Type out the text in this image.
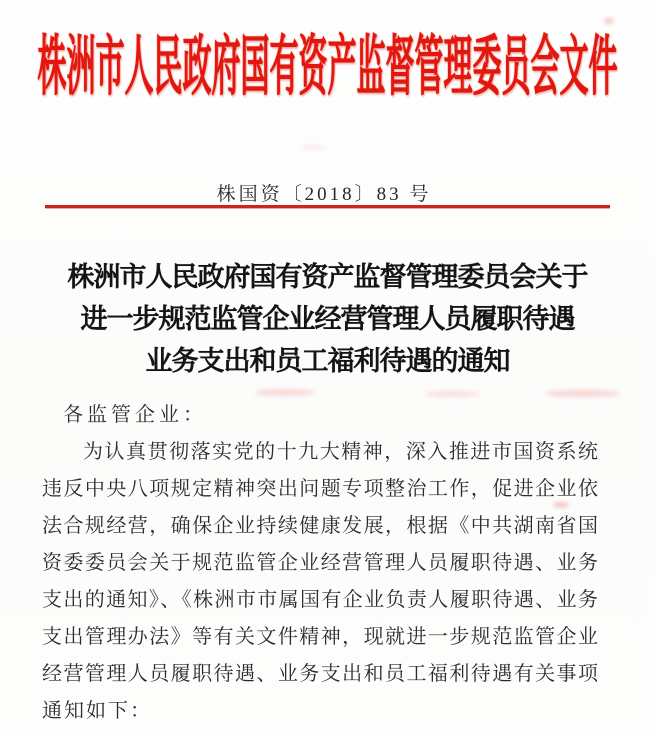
株洲市人民政府国有资产监督管理委员会文件
株国资〔2018〕83 号
株洲市人民政府国有资产监督管理委员会关于
进一步规范监管企业经营管理人员履职待遇
业务支出和员工福利待遇的通知
各监管企业：
为认真贯彻落实党的十九大精神，深入推进市国资系统
违反中央八项规定精神突出问题专项整治工作，促进企业依
法合规经营，确保企业持续健康发展，根据《中共湖南省国
资委委员会关于规范监管企业经营管理人员履职待遇、业务
支出的通知》、《株洲市市属国有企业负责人履职待遇、业务
支出管理办法》等有关文件精神，现就进一步规范监管企业
经营管理人员履职待遇、业务支出和员工福利待遇有关事项
通知如下：
